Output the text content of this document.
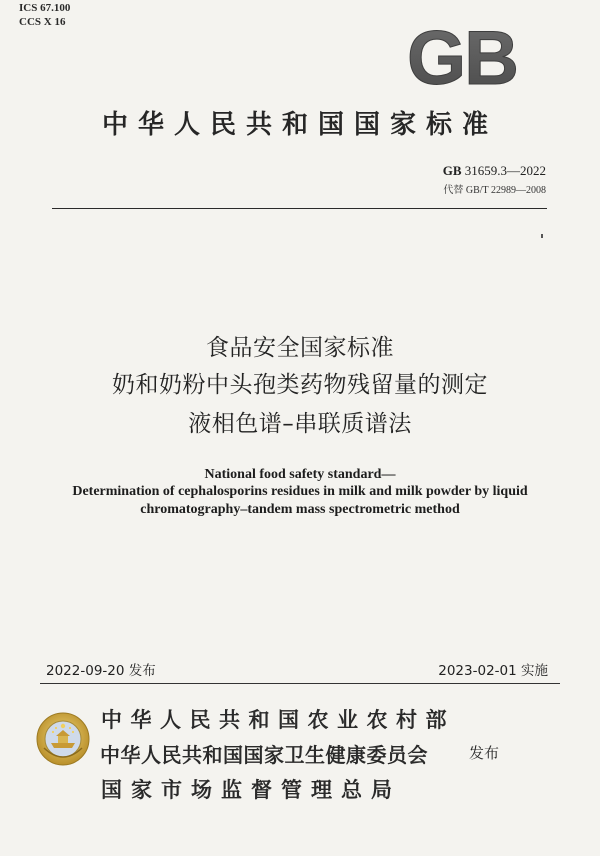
ICS 67.100
CCS X 16	GB
中华人民共和国国家标准
GB 31659.3—2022
代替 GB/T 22989—2008
食品安全国家标准
奶和奶粉中头孢类药物残留量的测定
液相色谱–串联质谱法
National food safety standard—
Determination of cephalosporins residues in milk and milk powder by liquid
chromatography–tandem mass spectrometric method
2022-09-20 发布	2023-02-01 实施
中华人民共和国农业农村部
中华人民共和国国家卫生健康委员会
国家市场监督管理总局
发布
